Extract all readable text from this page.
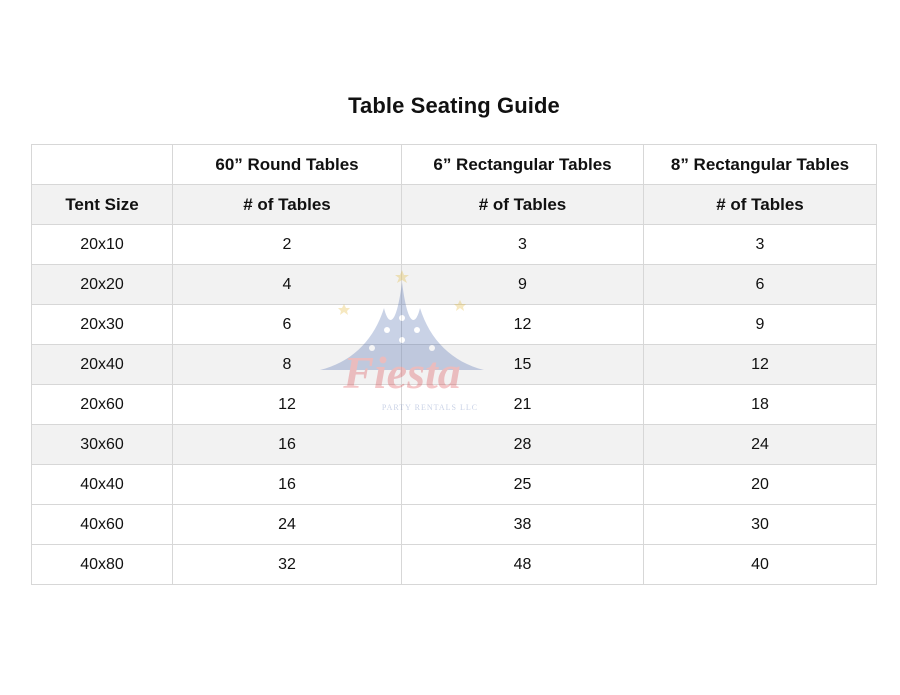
Table Seating Guide
	60” Round Tables	6” Rectangular Tables	8” Rectangular Tables
Tent Size	# of Tables	# of Tables	# of Tables
20x10	2	3	3
20x20	4	9	6
20x30	6	12	9
20x40	8	15	12
20x60	12	21	18
30x60	16	28	24
40x40	16	25	20
40x60	24	38	30
40x80	32	48	40
Fiesta
PARTY RENTALS LLC
